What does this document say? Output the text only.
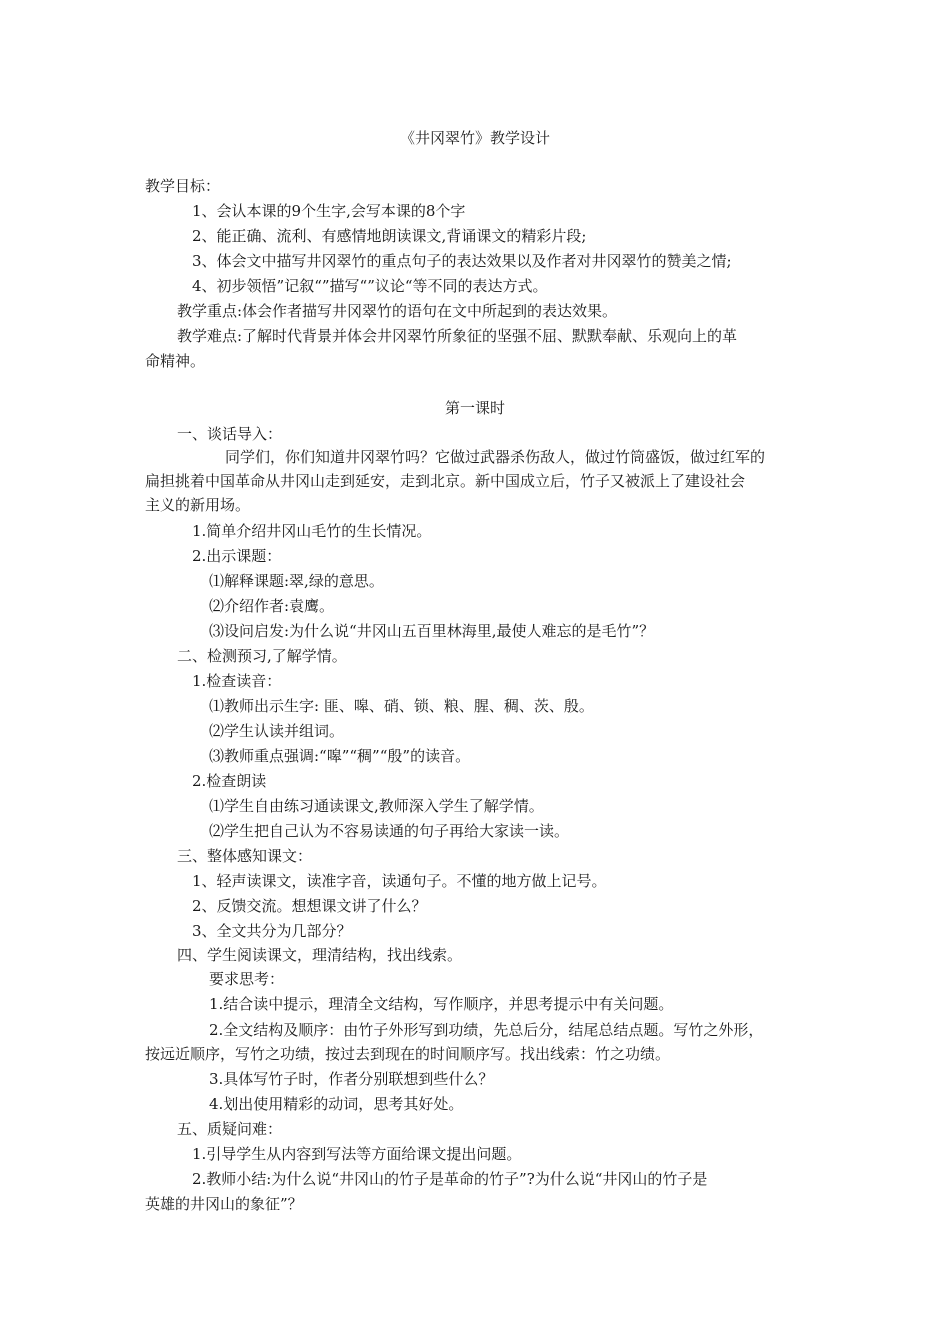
《井冈翠竹》教学设计
教学目标：
1、会认本课的9个生字,会写本课的8个字
2、能正确、流利、有感情地朗读课文,背诵课文的精彩片段;
3、体会文中描写井冈翠竹的重点句子的表达效果以及作者对井冈翠竹的赞美之情;
4、初步领悟”记叙“”描写“”议论“等不同的表达方式。
教学重点:体会作者描写井冈翠竹的语句在文中所起到的表达效果。
教学难点:了解时代背景并体会井冈翠竹所象征的坚强不屈、默默奉献、乐观向上的革
命精神。
第一课时
一、谈话导入：
同学们，你们知道井冈翠竹吗？它做过武器杀伤敌人，做过竹筒盛饭，做过红军的
扁担挑着中国革命从井冈山走到延安，走到北京。新中国成立后，竹子又被派上了建设社会
主义的新用场。
1.简单介绍井冈山毛竹的生长情况。
2.出示课题：
⑴解释课题:翠,绿的意思。
⑵介绍作者:袁鹰。
⑶设问启发:为什么说“井冈山五百里林海里,最使人难忘的是毛竹”？
二、检测预习,了解学情。
1.检查读音：
⑴教师出示生字: 匪、嗥、硝、锁、粮、腥、稠、茨、殷。
⑵学生认读并组词。
⑶教师重点强调:“嗥”“稠”“殷”的读音。
2.检查朗读
⑴学生自由练习通读课文,教师深入学生了解学情。
⑵学生把自己认为不容易读通的句子再给大家读一读。
三、整体感知课文：
1、轻声读课文，读准字音，读通句子。不懂的地方做上记号。
2、反馈交流。想想课文讲了什么？
3、全文共分为几部分？
四、学生阅读课文，理清结构，找出线索。
要求思考：
1.结合读中提示，理清全文结构，写作顺序，并思考提示中有关问题。
2.全文结构及顺序：由竹子外形写到功绩，先总后分，结尾总结点题。写竹之外形，
按远近顺序，写竹之功绩，按过去到现在的时间顺序写。找出线索：竹之功绩。
3.具体写竹子时，作者分别联想到些什么？
4.划出使用精彩的动词，思考其好处。
五、质疑问难：
1.引导学生从内容到写法等方面给课文提出问题。
2.教师小结:为什么说“井冈山的竹子是革命的竹子”?为什么说“井冈山的竹子是
英雄的井冈山的象征”？
